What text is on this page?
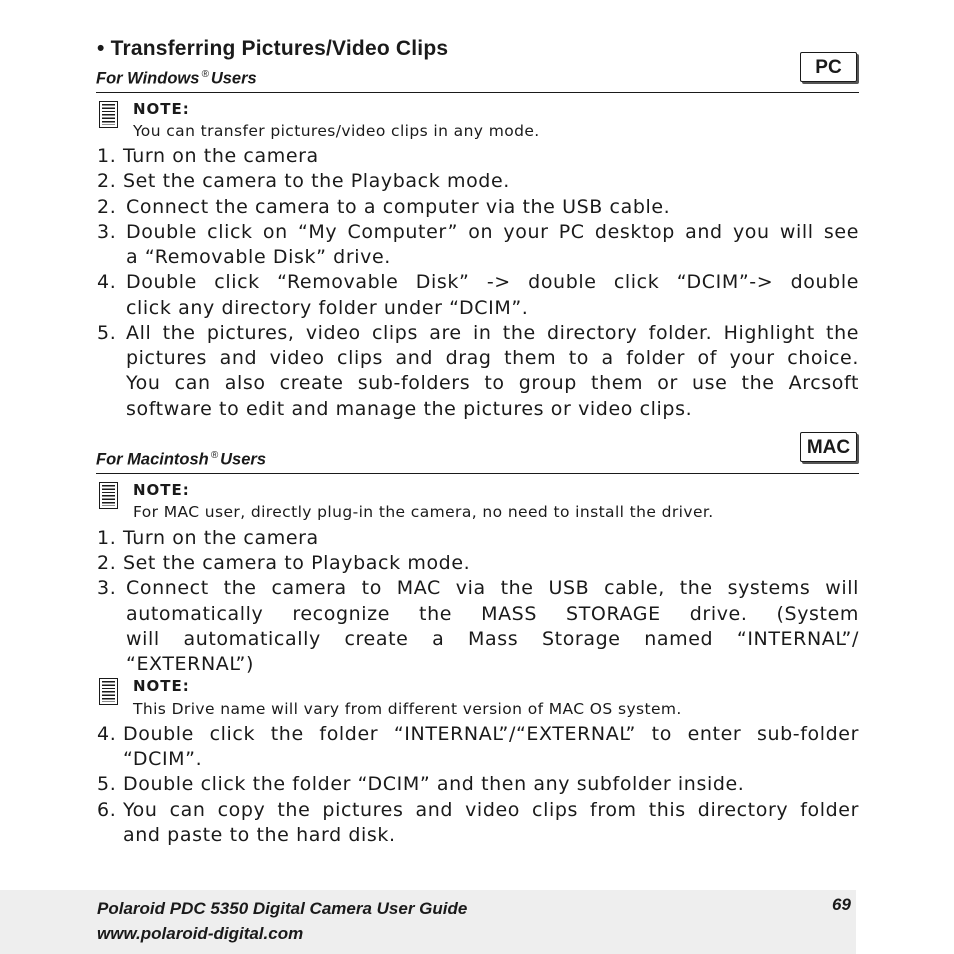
• Transferring Pictures/Video Clips
For Windows ® Users
PC
NOTE:
You can transfer pictures/video clips in any mode.
1. Turn on the camera
2. Set the camera to the Playback mode.
2. Connect the camera to a computer via the USB cable.
3. Double click on “My Computer” on your PC desktop and you will see
a “Removable Disk” drive.
4. Double click “Removable Disk” -> double click “DCIM”-> double
click any directory folder under “DCIM”.
5. All the pictures, video clips are in the directory folder. Highlight the
pictures and video clips and drag them to a folder of your choice.
You can also create sub-folders to group them or use the Arcsoft
software to edit and manage the pictures or video clips.
For Macintosh ® Users
MAC
NOTE:
For MAC user, directly plug-in the camera, no need to install the driver.
1. Turn on the camera
2. Set the camera to Playback mode.
3. Connect the camera to MAC via the USB cable, the systems will
automatically recognize the MASS STORAGE drive. (System
will automatically create a Mass Storage named “INTERNAL”/
“EXTERNAL”)
NOTE:
This Drive name will vary from different version of MAC OS system.
4. Double click the folder “INTERNAL”/“EXTERNAL” to enter sub-folder
“DCIM”.
5. Double click the folder “DCIM” and then any subfolder inside.
6. You can copy the pictures and video clips from this directory folder
and paste to the hard disk.
Polaroid PDC 5350 Digital Camera User Guide
www.polaroid-digital.com
69
